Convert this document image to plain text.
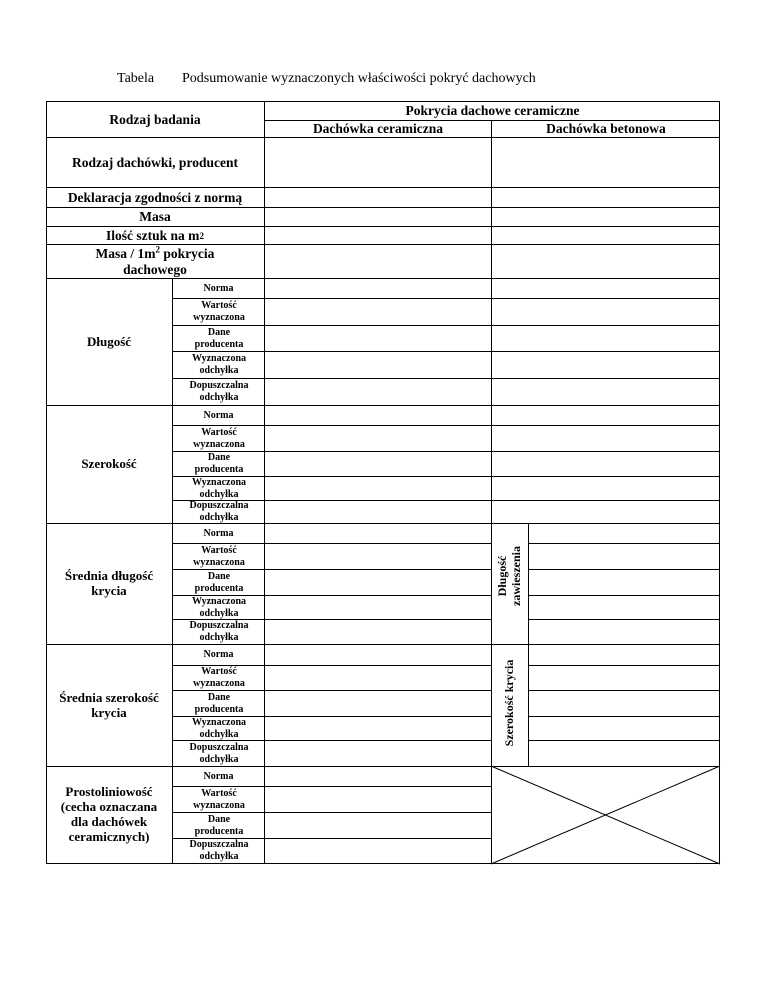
Tabela Podsumowanie wyznaczonych właściwości pokryć dachowych
Rodzaj badania
Pokrycia dachowe ceramiczne
Dachówka ceramiczna	Dachówka betonowa
Rodzaj dachówki, producent
Deklaracja zgodności z normą
Masa
Ilość sztuk na m 2
Masa / $1m^2$ pokrycia dachowego
Długość
Szerokość
Średnia długość krycia
Średnia szerokość krycia
Prostoliniowość (cecha oznaczana dla dachówek ceramicznych)
Norma
Wartość wyznaczona
Dane producenta
Wyznaczona odchyłka
Dopuszczalna odchyłka
Norma
Wartość wyznaczona
Dane producenta
Wyznaczona odchyłka
Dopuszczalna odchyłka
Norma
Wartość wyznaczona
Dane producenta
Wyznaczona odchyłka
Dopuszczalna odchyłka
Norma
Wartość wyznaczona
Dane producenta
Wyznaczona odchyłka
Dopuszczalna odchyłka
Norma
Wartość wyznaczona
Dane producenta
Dopuszczalna odchyłka
Długość zawieszenia
Szerokość krycia
